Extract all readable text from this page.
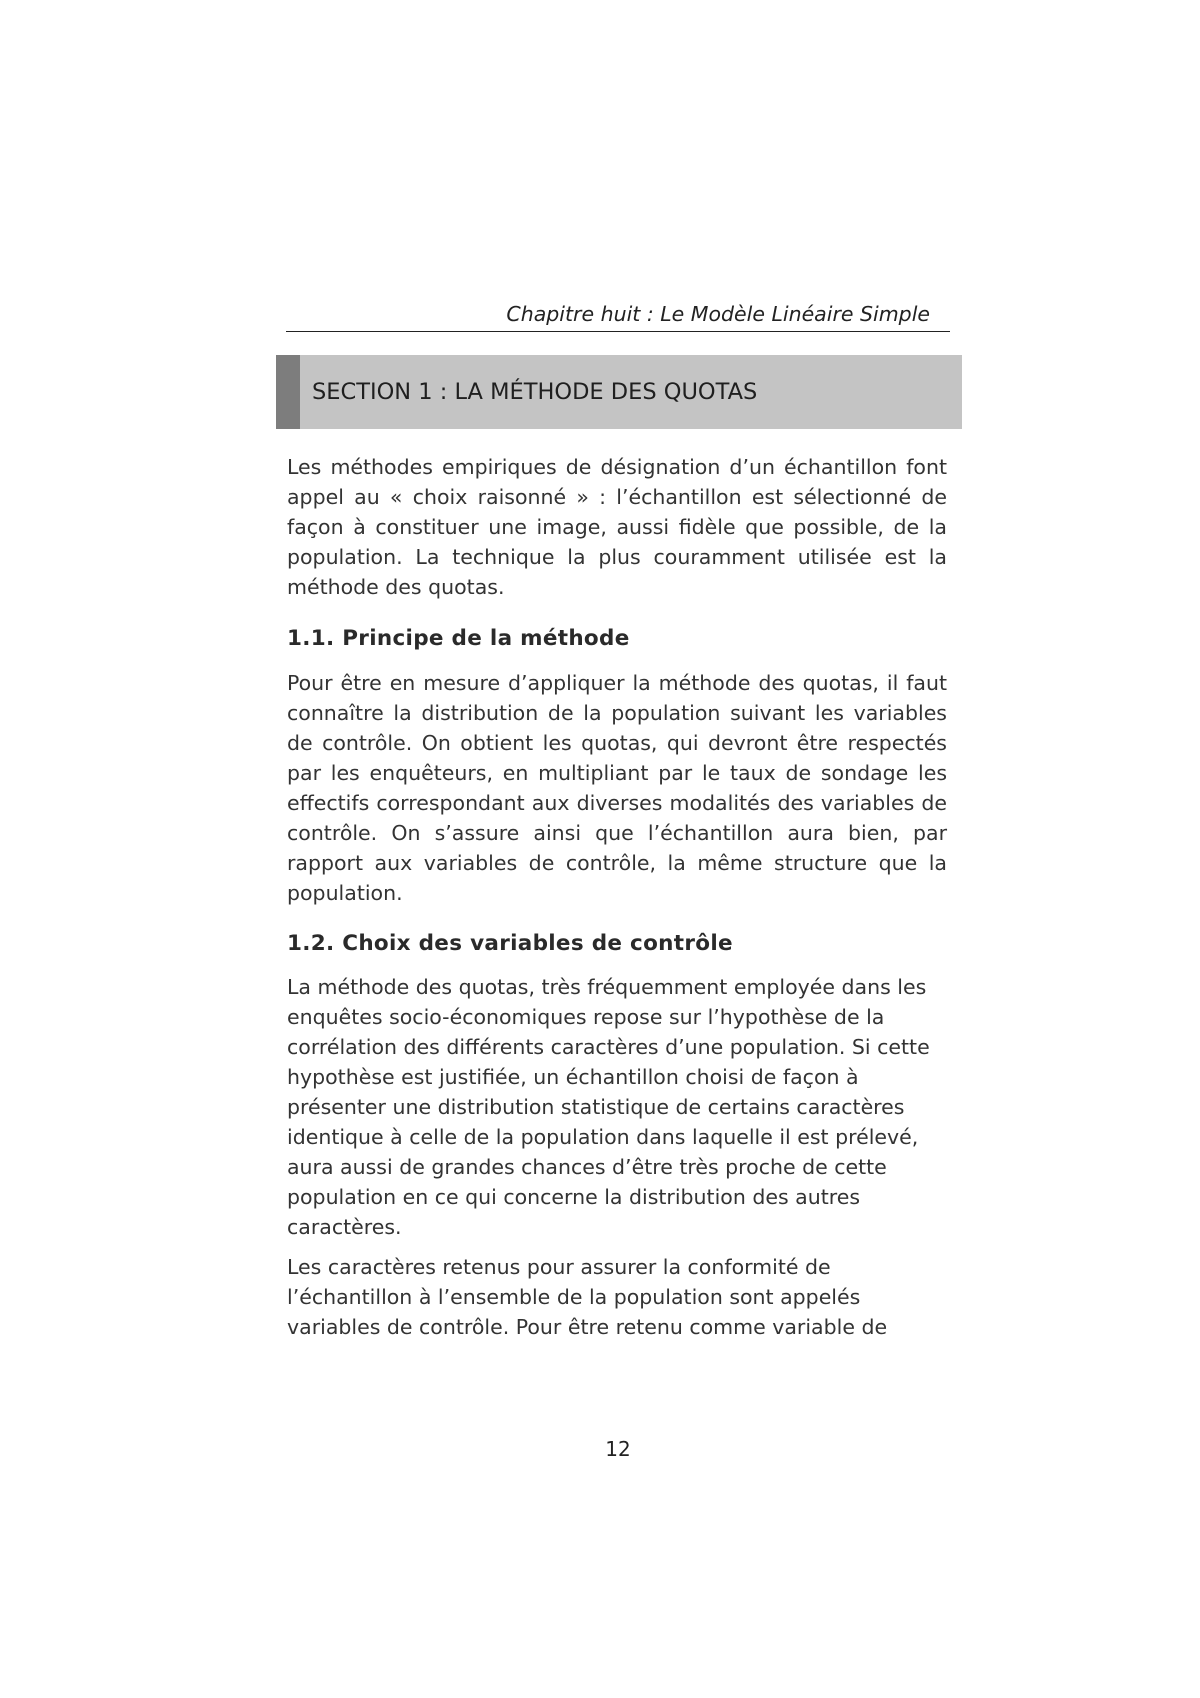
Chapitre huit : Le Modèle Linéaire Simple
SECTION 1 : LA MÉTHODE DES QUOTAS

Les méthodes empiriques de désignation d’un échantillon font appel au « choix raisonné » : l’échantillon est sélectionné de façon à constituer une image, aussi fidèle que possible, de la population. La technique la plus couramment utilisée est la méthode des quotas.

1.1. Principe de la méthode

Pour être en mesure d’appliquer la méthode des quotas, il faut connaître la distribution de la population suivant les variables de contrôle. On obtient les quotas, qui devront être respectés par les enquêteurs, en multipliant par le taux de sondage les effectifs correspondant aux diverses modalités des variables de contrôle. On s’assure ainsi que l’échantillon aura bien, par rapport aux variables de contrôle, la même structure que la population.

1.2. Choix des variables de contrôle

La méthode des quotas, très fréquemment employée dans les enquêtes socio-économiques repose sur l’hypothèse de la corrélation des différents caractères d’une population. Si cette hypothèse est justifiée, un échantillon choisi de façon à présenter une distribution statistique de certains caractères identique à celle de la population dans laquelle il est prélevé, aura aussi de grandes chances d’être très proche de cette population en ce qui concerne la distribution des autres caractères.

Les caractères retenus pour assurer la conformité de l’échantillon à l’ensemble de la population sont appelés variables de contrôle. Pour être retenu comme variable de

12
